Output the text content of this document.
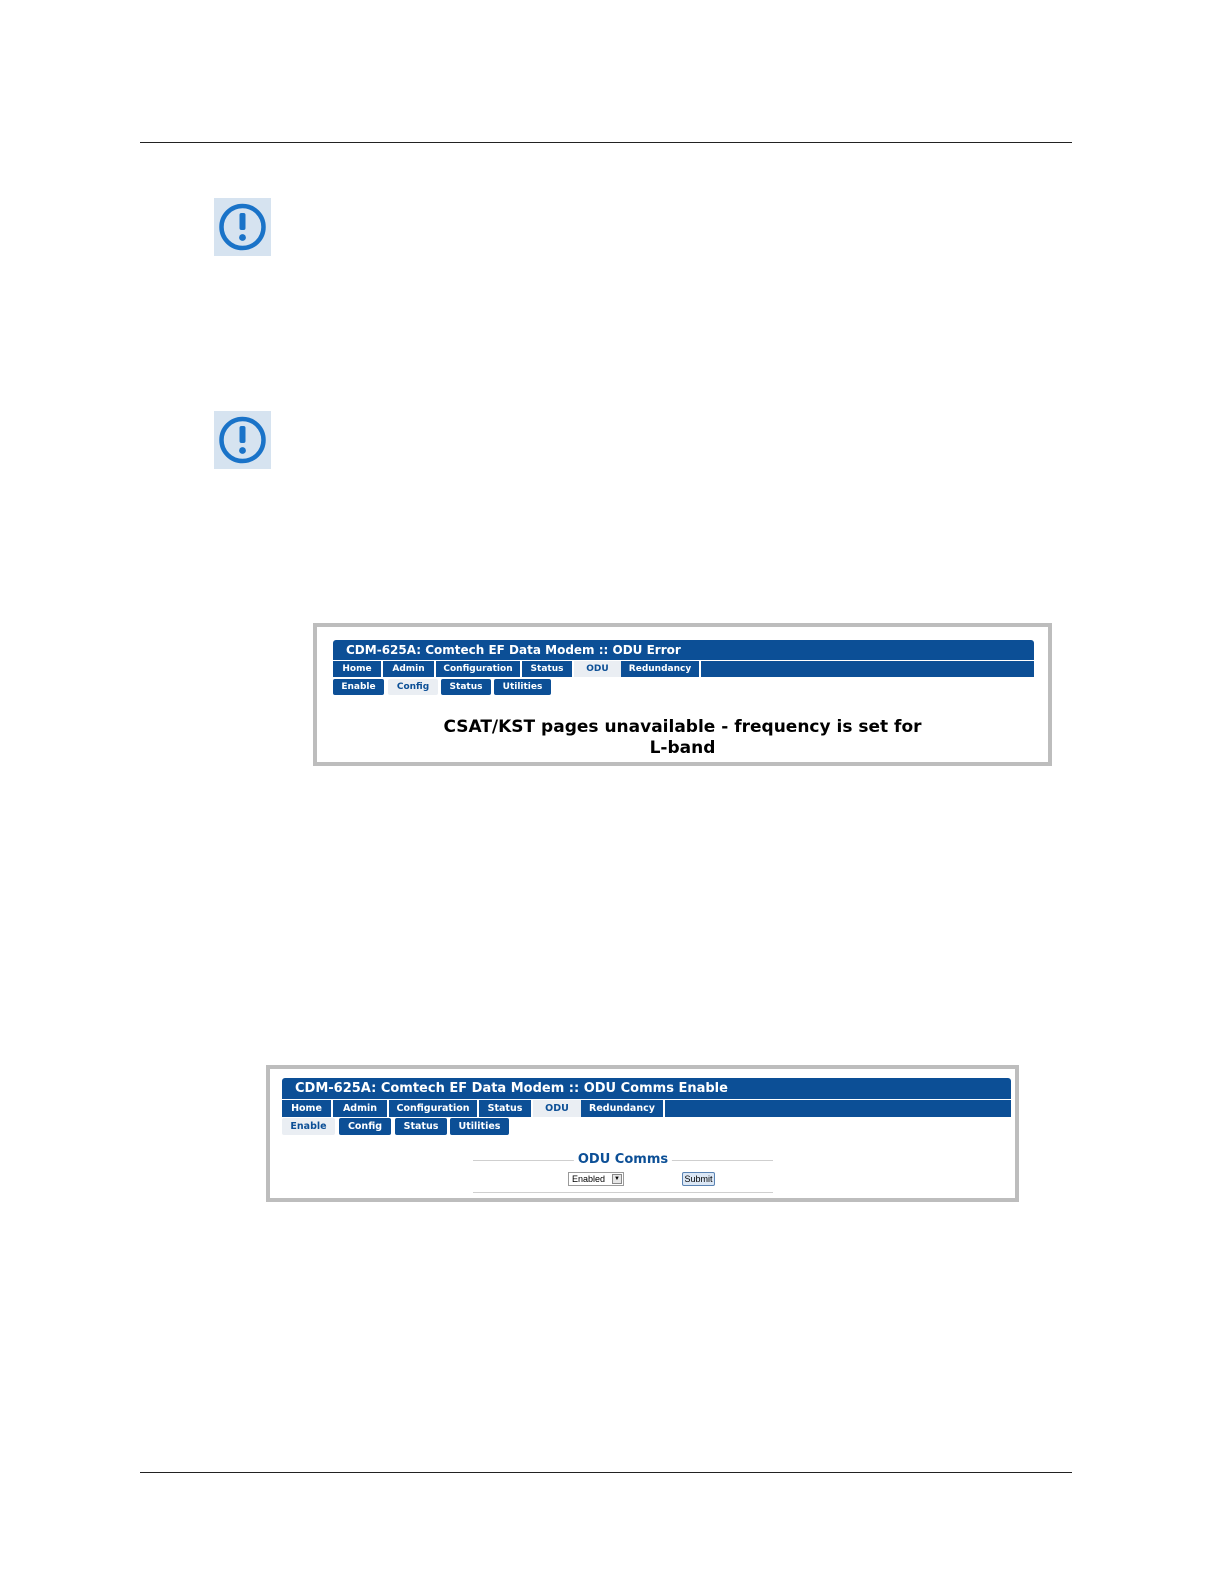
CDM-625A: Comtech EF Data Modem :: ODU Error
Home	Admin	Configuration	Status	ODU	Redundancy
Enable	Config	Status	Utilities
CSAT/KST pages unavailable - frequency is set for
L-band
CDM-625A: Comtech EF Data Modem :: ODU Comms Enable
Home	Admin	Configuration	Status	ODU	Redundancy
Enable	Config	Status	Utilities
ODU Comms
Enabled	▼	Submit
